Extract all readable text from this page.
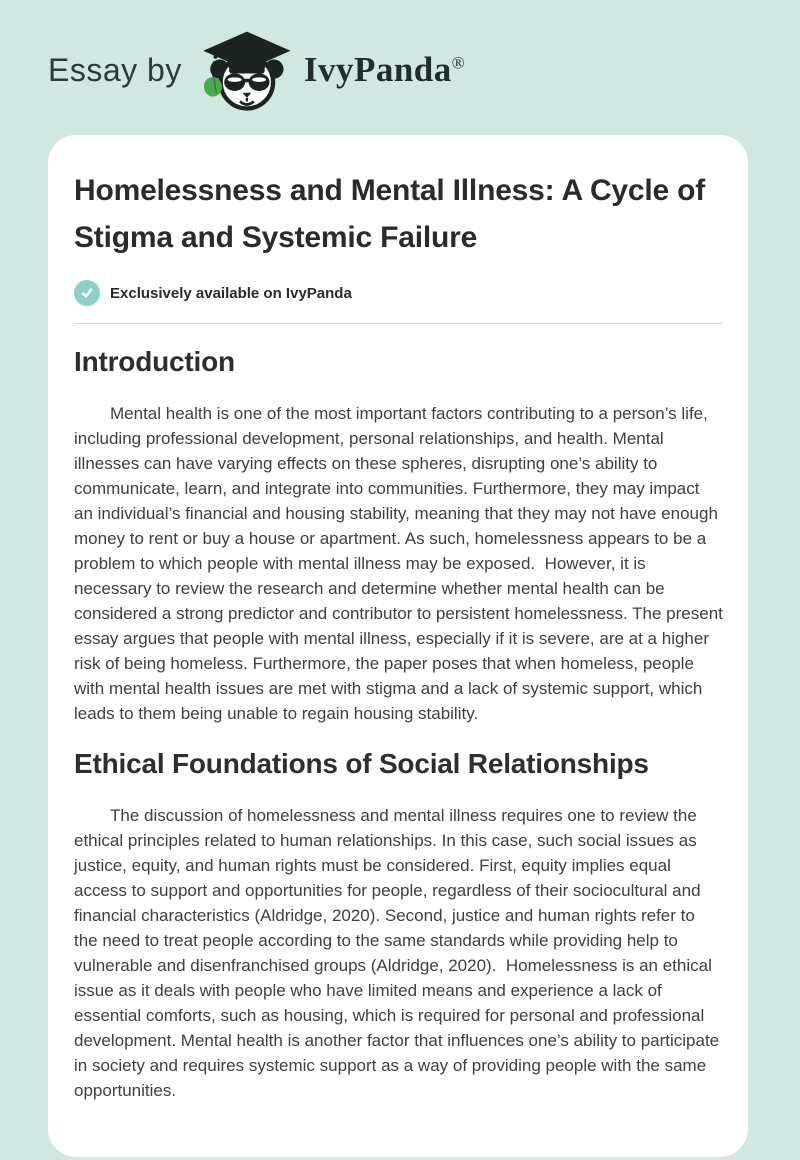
Essay by	IvyPanda®
Homelessness and Mental Illness: A Cycle of Stigma and Systemic Failure
Exclusively available on IvyPanda
Introduction

Mental health is one of the most important factors contributing to a person’s life, including professional development, personal relationships, and health. Mental illnesses can have varying effects on these spheres, disrupting one’s ability to communicate, learn, and integrate into communities. Furthermore, they may impact an individual’s financial and housing stability, meaning that they may not have enough money to rent or buy a house or apartment. As such, homelessness appears to be a problem to which people with mental illness may be exposed.  However, it is necessary to review the research and determine whether mental health can be considered a strong predictor and contributor to persistent homelessness. The present essay argues that people with mental illness, especially if it is severe, are at a higher risk of being homeless. Furthermore, the paper poses that when homeless, people with mental health issues are met with stigma and a lack of systemic support, which leads to them being unable to regain housing stability.

Ethical Foundations of Social Relationships

The discussion of homelessness and mental illness requires one to review the ethical principles related to human relationships. In this case, such social issues as justice, equity, and human rights must be considered. First, equity implies equal access to support and opportunities for people, regardless of their sociocultural and financial characteristics (Aldridge, 2020). Second, justice and human rights refer to the need to treat people according to the same standards while providing help to vulnerable and disenfranchised groups (Aldridge, 2020).  Homelessness is an ethical issue as it deals with people who have limited means and experience a lack of essential comforts, such as housing, which is required for personal and professional development. Mental health is another factor that influences one’s ability to participate in society and requires systemic support as a way of providing people with the same opportunities.
